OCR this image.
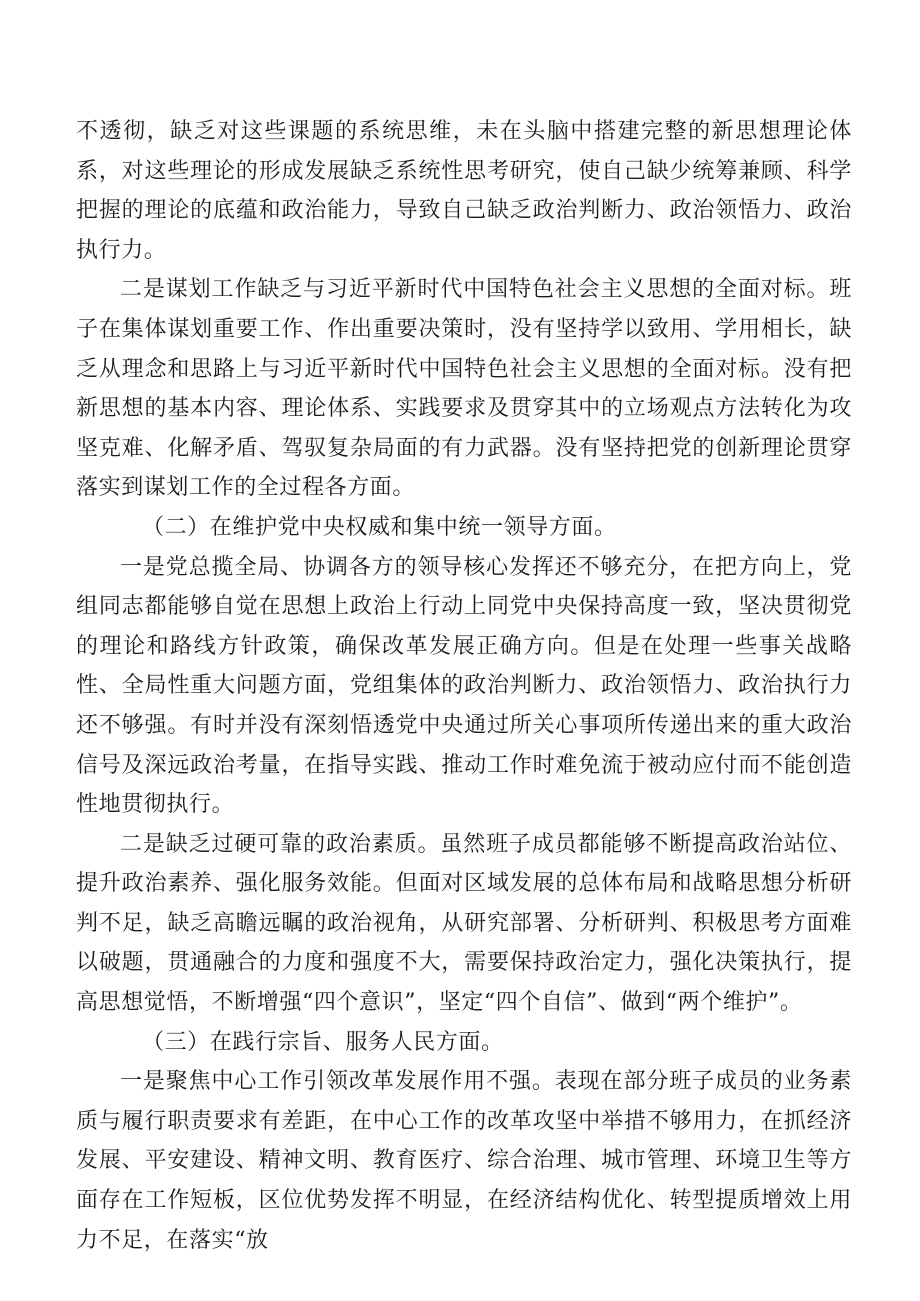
不透彻，缺乏对这些课题的系统思维，未在头脑中搭建完整的新思想理论体系，对这些理论的形成发展缺乏系统性思考研究，使自己缺少统筹兼顾、科学把握的理论的底蕴和政治能力，导致自己缺乏政治判断力、政治领悟力、政治执行力。

二是谋划工作缺乏与习近平新时代中国特色社会主义思想的全面对标。班子在集体谋划重要工作、作出重要决策时，没有坚持学以致用、学用相长，缺乏从理念和思路上与习近平新时代中国特色社会主义思想的全面对标。没有把新思想的基本内容、理论体系、实践要求及贯穿其中的立场观点方法转化为攻坚克难、化解矛盾、驾驭复杂局面的有力武器。没有坚持把党的创新理论贯穿落实到谋划工作的全过程各方面。

（二）在维护党中央权威和集中统一领导方面。

一是党总揽全局、协调各方的领导核心发挥还不够充分，在把方向上，党组同志都能够自觉在思想上政治上行动上同党中央保持高度一致，坚决贯彻党的理论和路线方针政策，确保改革发展正确方向。但是在处理一些事关战略性、全局性重大问题方面，党组集体的政治判断力、政治领悟力、政治执行力还不够强。有时并没有深刻悟透党中央通过所关心事项所传递出来的重大政治信号及深远政治考量，在指导实践、推动工作时难免流于被动应付而不能创造性地贯彻执行。

二是缺乏过硬可靠的政治素质。虽然班子成员都能够不断提高政治站位、提升政治素养、强化服务效能。但面对区域发展的总体布局和战略思想分析研判不足，缺乏高瞻远瞩的政治视角，从研究部署、分析研判、积极思考方面难以破题，贯通融合的力度和强度不大，需要保持政治定力，强化决策执行，提高思想觉悟，不断增强“四个意识”，坚定“四个自信”、做到“两个维护”。

（三）在践行宗旨、服务人民方面。

一是聚焦中心工作引领改革发展作用不强。表现在部分班子成员的业务素质与履行职责要求有差距，在中心工作的改革攻坚中举措不够用力，在抓经济发展、平安建设、精神文明、教育医疗、综合治理、城市管理、环境卫生等方面存在工作短板，区位优势发挥不明显，在经济结构优化、转型提质增效上用力不足，在落实“放
